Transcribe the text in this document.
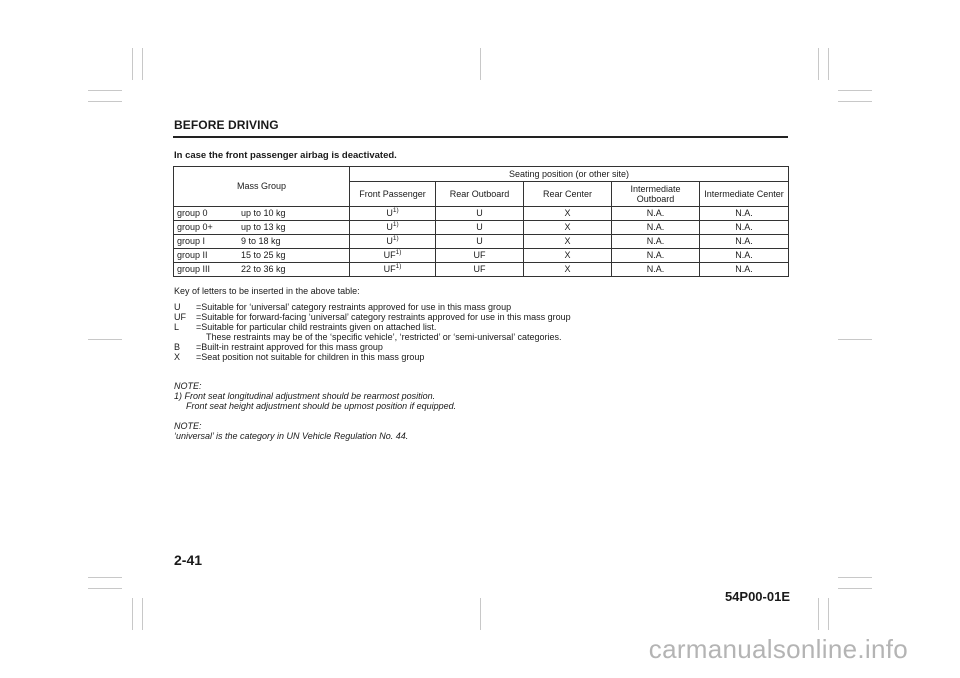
BEFORE DRIVING
In case the front passenger airbag is deactivated.
Mass Group	Seating position (or other site)				
	Front Passenger	Rear Outboard	Rear Center	Intermediate Outboard	Intermediate Center
group 0 up to 10 kg	$U^{1)}$	U	X	N.A.	N.A.
group 0+ up to 13 kg	$U^{1)}$	U	X	N.A.	N.A.
group I 9 to 18 kg	$U^{1)}$	U	X	N.A.	N.A.
group II 15 to 25 kg	UF$^{1)}$	UF	X	N.A.	N.A.
group III 22 to 36 kg	UF$^{1)}$	UF	X	N.A.	N.A.
Key of letters to be inserted in the above table:
U	=Suitable for ‘universal’ category restraints approved for use in this mass group
UF	=Suitable for forward-facing ‘universal’ category restraints approved for use in this mass group
L	=Suitable for particular child restraints given on attached list.
These restraints may be of the ‘specific vehicle’, ‘restricted’ or ‘semi-universal’ categories.
B	=Built-in restraint approved for this mass group
X	=Seat position not suitable for children in this mass group
NOTE:
1) Front seat longitudinal adjustment should be rearmost position.
Front seat height adjustment should be upmost position if equipped.
NOTE:
‘universal’ is the category in UN Vehicle Regulation No. 44.
2-41
54P00-01E
carmanualsonline.info
